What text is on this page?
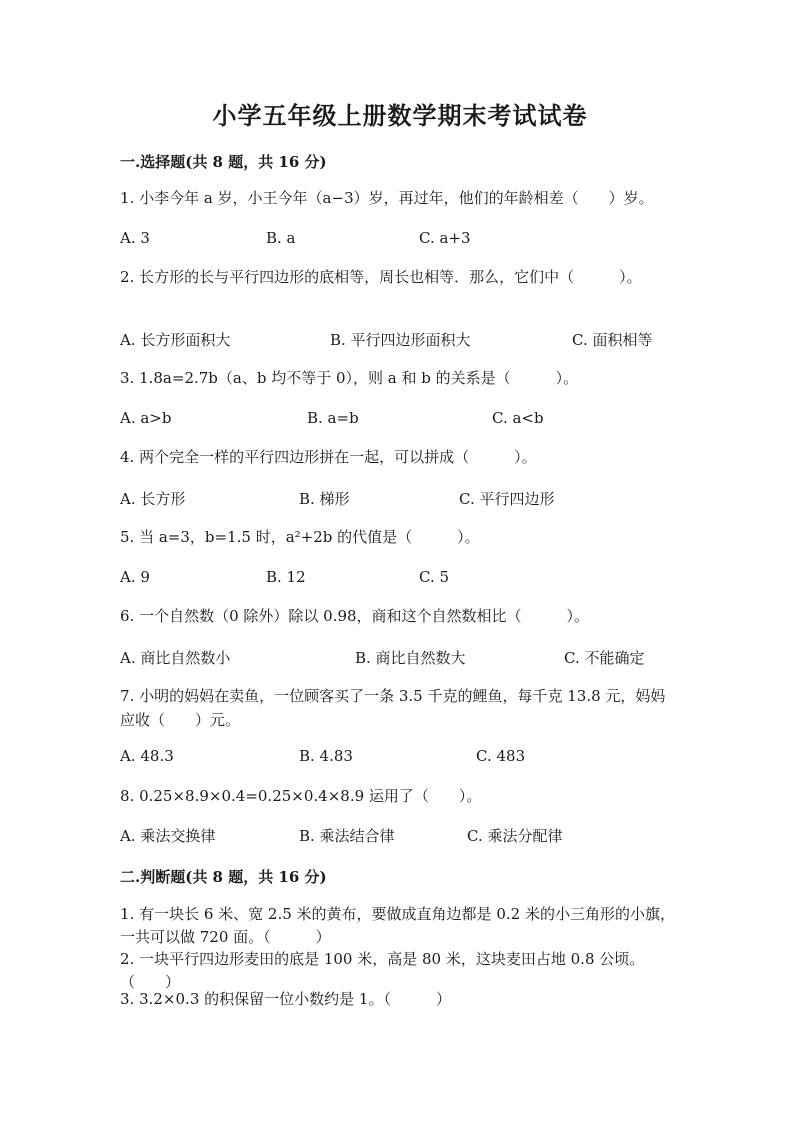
小学五年级上册数学期末考试试卷
一.选择题(共 8 题，共 16 分)
1. 小李今年 a 岁，小王今年（a−3）岁，再过年，他们的年龄相差（　　）岁。
A. 3	B. a	C. a+3
2. 长方形的长与平行四边形的底相等，周长也相等．那么，它们中（　　　）。
A. 长方形面积大	B. 平行四边形面积大	C. 面积相等
3. 1.8a=2.7b（a、b 均不等于 0），则 a 和 b 的关系是（　　　）。
A. a>b	B. a=b	C. a<b
4. 两个完全一样的平行四边形拼在一起，可以拼成（　　　）。
A. 长方形	B. 梯形	C. 平行四边形
5. 当 a=3，b=1.5 时，a²+2b 的代值是（　　　）。
A. 9	B. 12	C. 5
6. 一个自然数（0 除外）除以 0.98，商和这个自然数相比（　　　）。
A. 商比自然数小	B. 商比自然数大	C. 不能确定
7. 小明的妈妈在卖鱼，一位顾客买了一条 3.5 千克的鲤鱼，每千克 13.8 元，妈妈应收（　　）元。
A. 48.3	B. 4.83	C. 483
8. 0.25×8.9×0.4=0.25×0.4×8.9 运用了（　　）。
A. 乘法交换律	B. 乘法结合律	C. 乘法分配律
二.判断题(共 8 题，共 16 分)
1. 有一块长 6 米、宽 2.5 米的黄布，要做成直角边都是 0.2 米的小三角形的小旗，一共可以做 720 面。（　　　）
2. 一块平行四边形麦田的底是 100 米，高是 80 米，这块麦田占地 0.8 公顷。（　　）
3. 3.2×0.3 的积保留一位小数约是 1。（　　　）
